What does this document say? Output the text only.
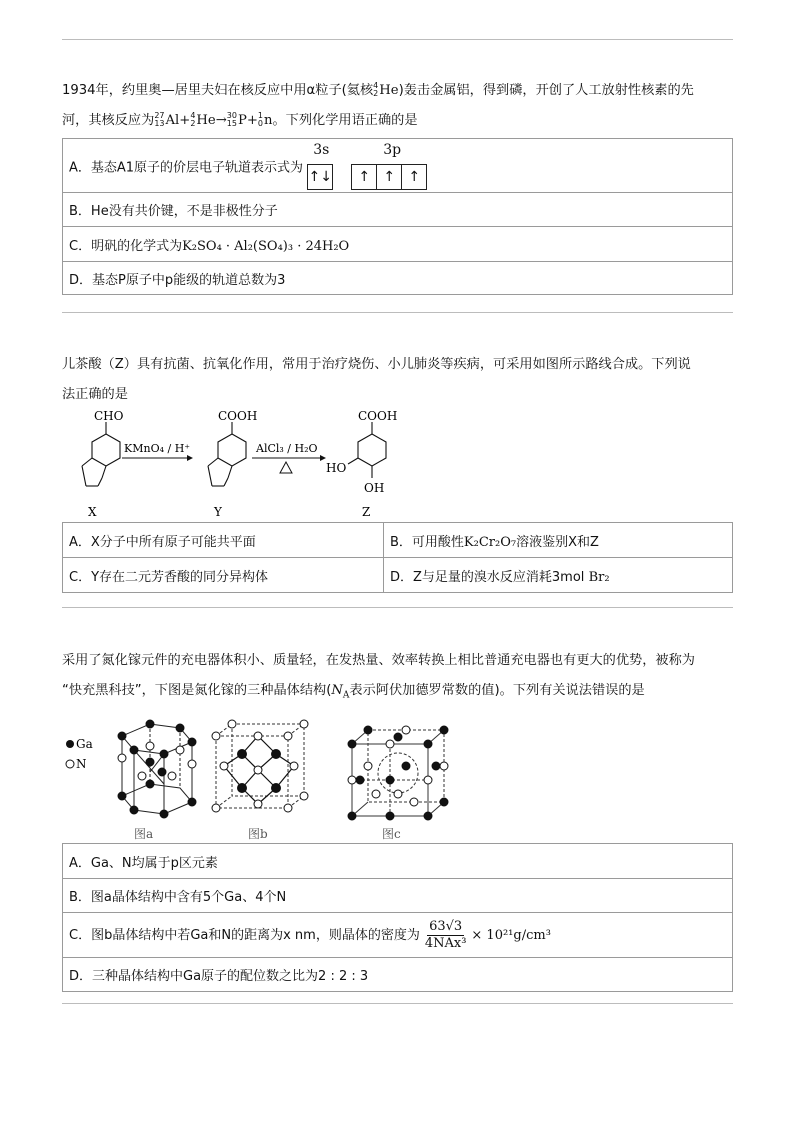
1934年，约里奥—居里夫妇在核反应中用α粒子(氦核 4
2 He)轰击金属铝，得到磷，开创了人工放射性核素的先
河，其核反应为 27
13 Al+ 4
2 He→ 30
15 P+ 1
0 n。下列化学用语正确的是
A．基态A1原子的价层电子轨道表示式为
3s	3p
↑↓	↑ ↑ ↑

B．He没有共价键，不是非极性分子
C．明矾的化学式为K₂SO₄ · Al₂(SO₄)₃ · 24H₂O
D．基态P原子中p能级的轨道总数为3
儿茶酸（Z）具有抗菌、抗氧化作用，常用于治疗烧伤、小儿肺炎等疾病，可采用如图所示路线合成。下列说
法正确的是
CHO
X
KMnO₄ / H⁺
COOH
Y
AlCl₃ / H₂O
COOH
HO
OH
Z
A．X分子中所有原子可能共平面	B．可用酸性K₂Cr₂O₇溶液鉴别X和Z
C．Y存在二元芳香酸的同分异构体	D．Z与足量的溴水反应消耗3mol Br₂
采用了氮化镓元件的充电器体积小、质量轻，在发热量、效率转换上相比普通充电器也有更大的优势，被称为
“快充黑科技”，下图是氮化镓的三种晶体结构($N_A$表示阿伏加德罗常数的值)。下列有关说法错误的是
Ga
N
图a	图b	图c
A．Ga、N均属于p区元素
B．图a晶体结构中含有5个Ga、4个N
C．图b晶体结构中若Ga和N的距离为x nm，则晶体的密度为 $\frac{63√3}{\text{4NAx³}} \times 10^{21}g/cm^3$
D．三种晶体结构中Ga原子的配位数之比为2 : 2 : 3
